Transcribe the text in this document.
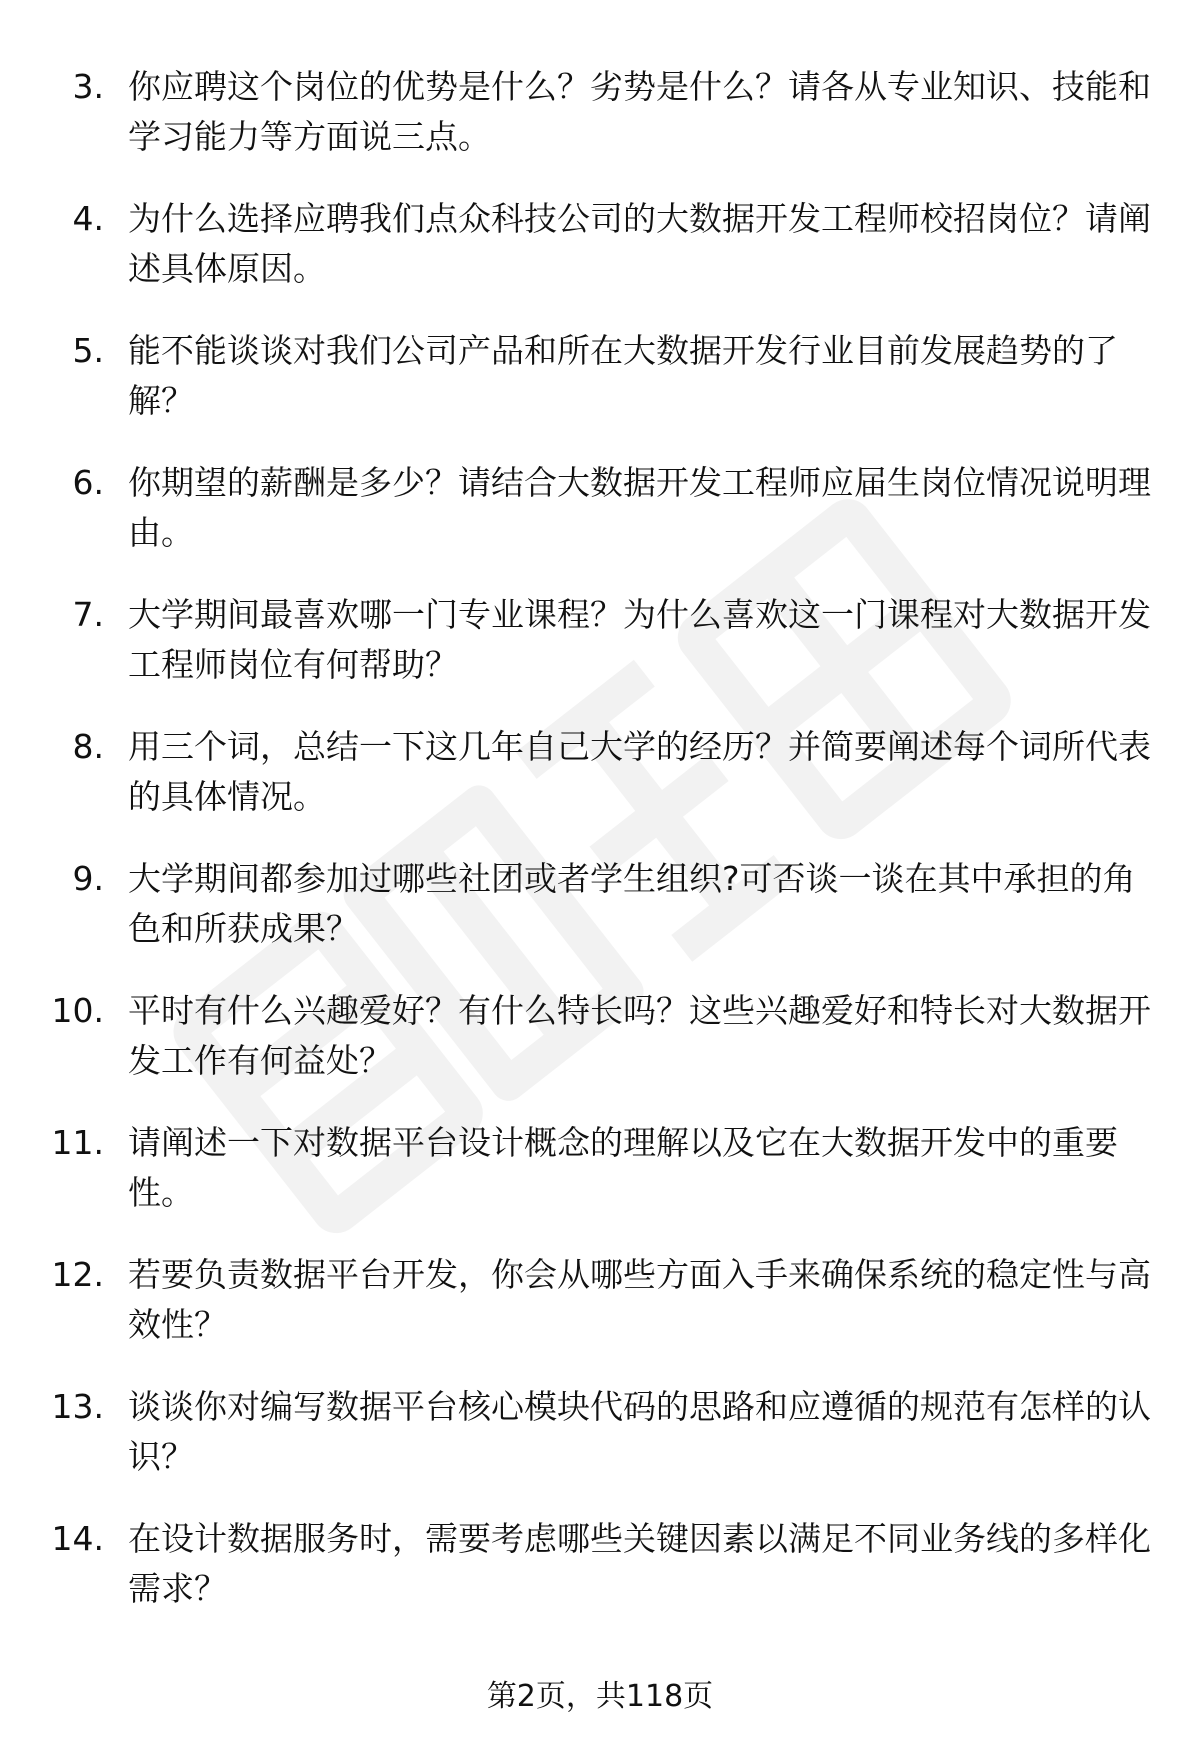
3. 你应聘这个岗位的优势是什么？劣势是什么？请各从专业知识、技能和学习能力等方面说三点。
4. 为什么选择应聘我们点众科技公司的大数据开发工程师校招岗位？请阐述具体原因。
5. 能不能谈谈对我们公司产品和所在大数据开发行业目前发展趋势的了解？
6. 你期望的薪酬是多少？请结合大数据开发工程师应届生岗位情况说明理由。
7. 大学期间最喜欢哪一门专业课程？为什么喜欢这一门课程对大数据开发工程师岗位有何帮助？
8. 用三个词，总结一下这几年自己大学的经历？并简要阐述每个词所代表的具体情况。
9. 大学期间都参加过哪些社团或者学生组织?可否谈一谈在其中承担的角色和所获成果？
10. 平时有什么兴趣爱好？有什么特长吗？这些兴趣爱好和特长对大数据开发工作有何益处？
11. 请阐述一下对数据平台设计概念的理解以及它在大数据开发中的重要性。
12. 若要负责数据平台开发，你会从哪些方面入手来确保系统的稳定性与高效性？
13. 谈谈你对编写数据平台核心模块代码的思路和应遵循的规范有怎样的认识？
14. 在设计数据服务时，需要考虑哪些关键因素以满足不同业务线的多样化需求？
第2页，共118页
